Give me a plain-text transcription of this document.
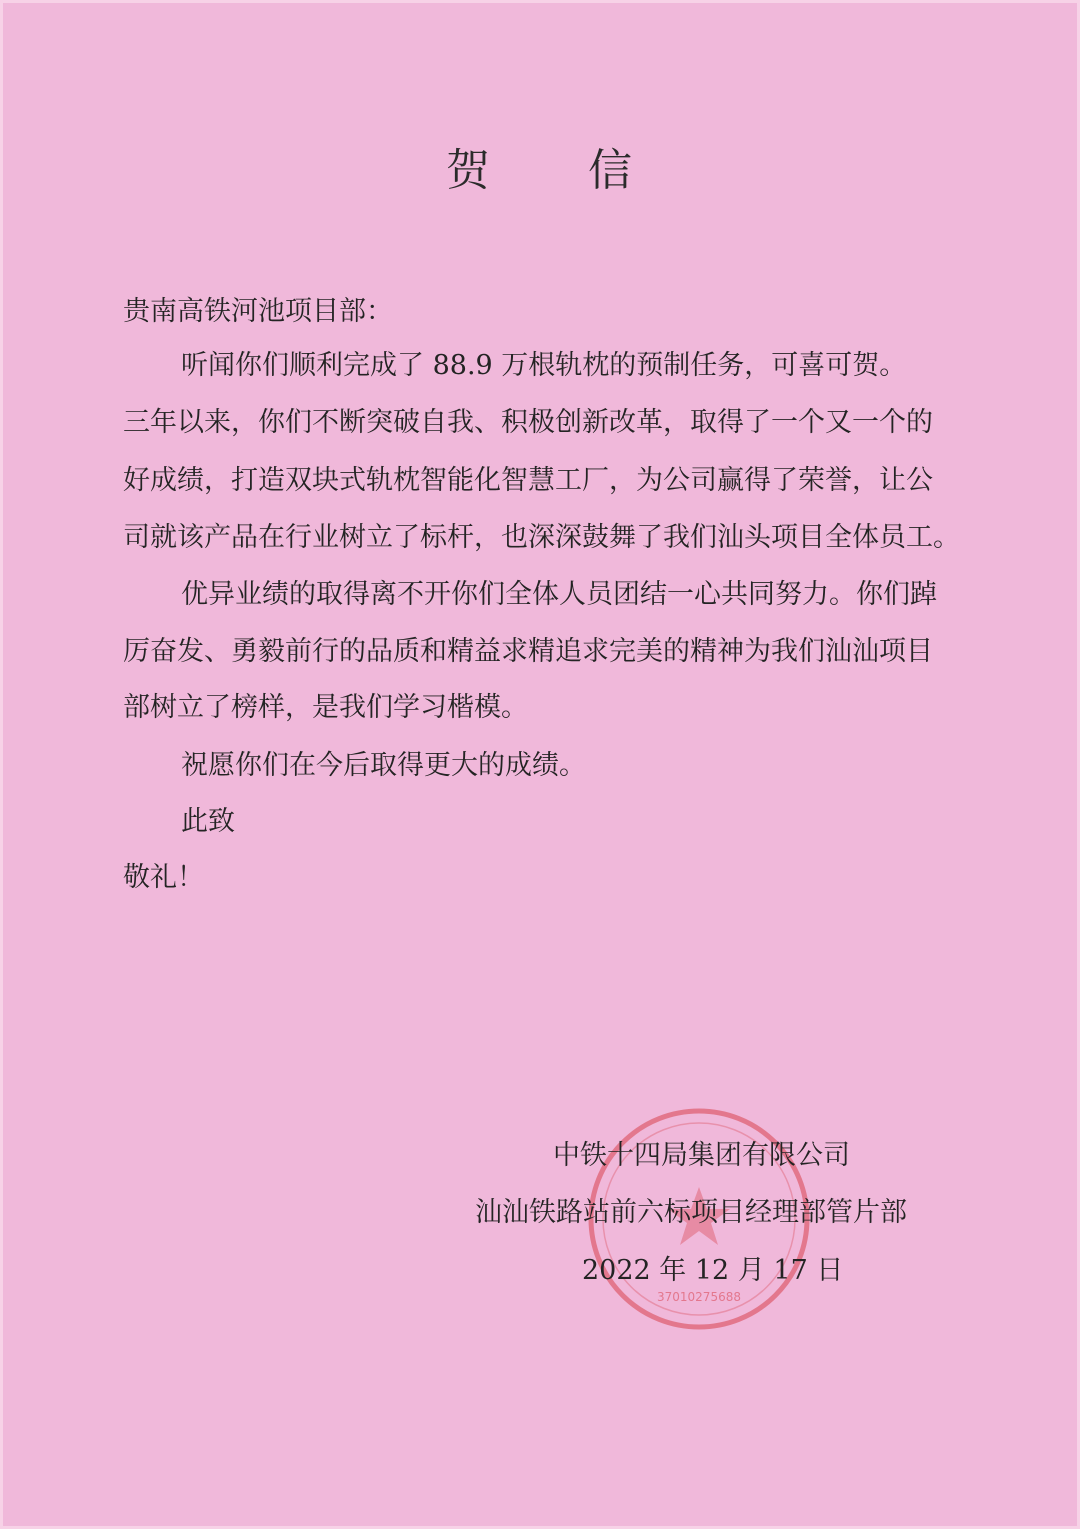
贺 信
贵南高铁河池项目部：
听闻你们顺利完成了 88.9 万根轨枕的预制任务，可喜可贺。
三年以来，你们不断突破自我、积极创新改革，取得了一个又一个的
好成绩，打造双块式轨枕智能化智慧工厂，为公司赢得了荣誉，让公
司就该产品在行业树立了标杆，也深深鼓舞了我们汕头项目全体员工。
优异业绩的取得离不开你们全体人员团结一心共同努力。你们踔
厉奋发、勇毅前行的品质和精益求精追求完美的精神为我们汕汕项目
部树立了榜样，是我们学习楷模。
祝愿你们在今后取得更大的成绩。
此致
敬礼！
37010275688
中铁十四局集团有限公司
汕汕铁路站前六标项目经理部管片部
2022 年 12 月 17 日
